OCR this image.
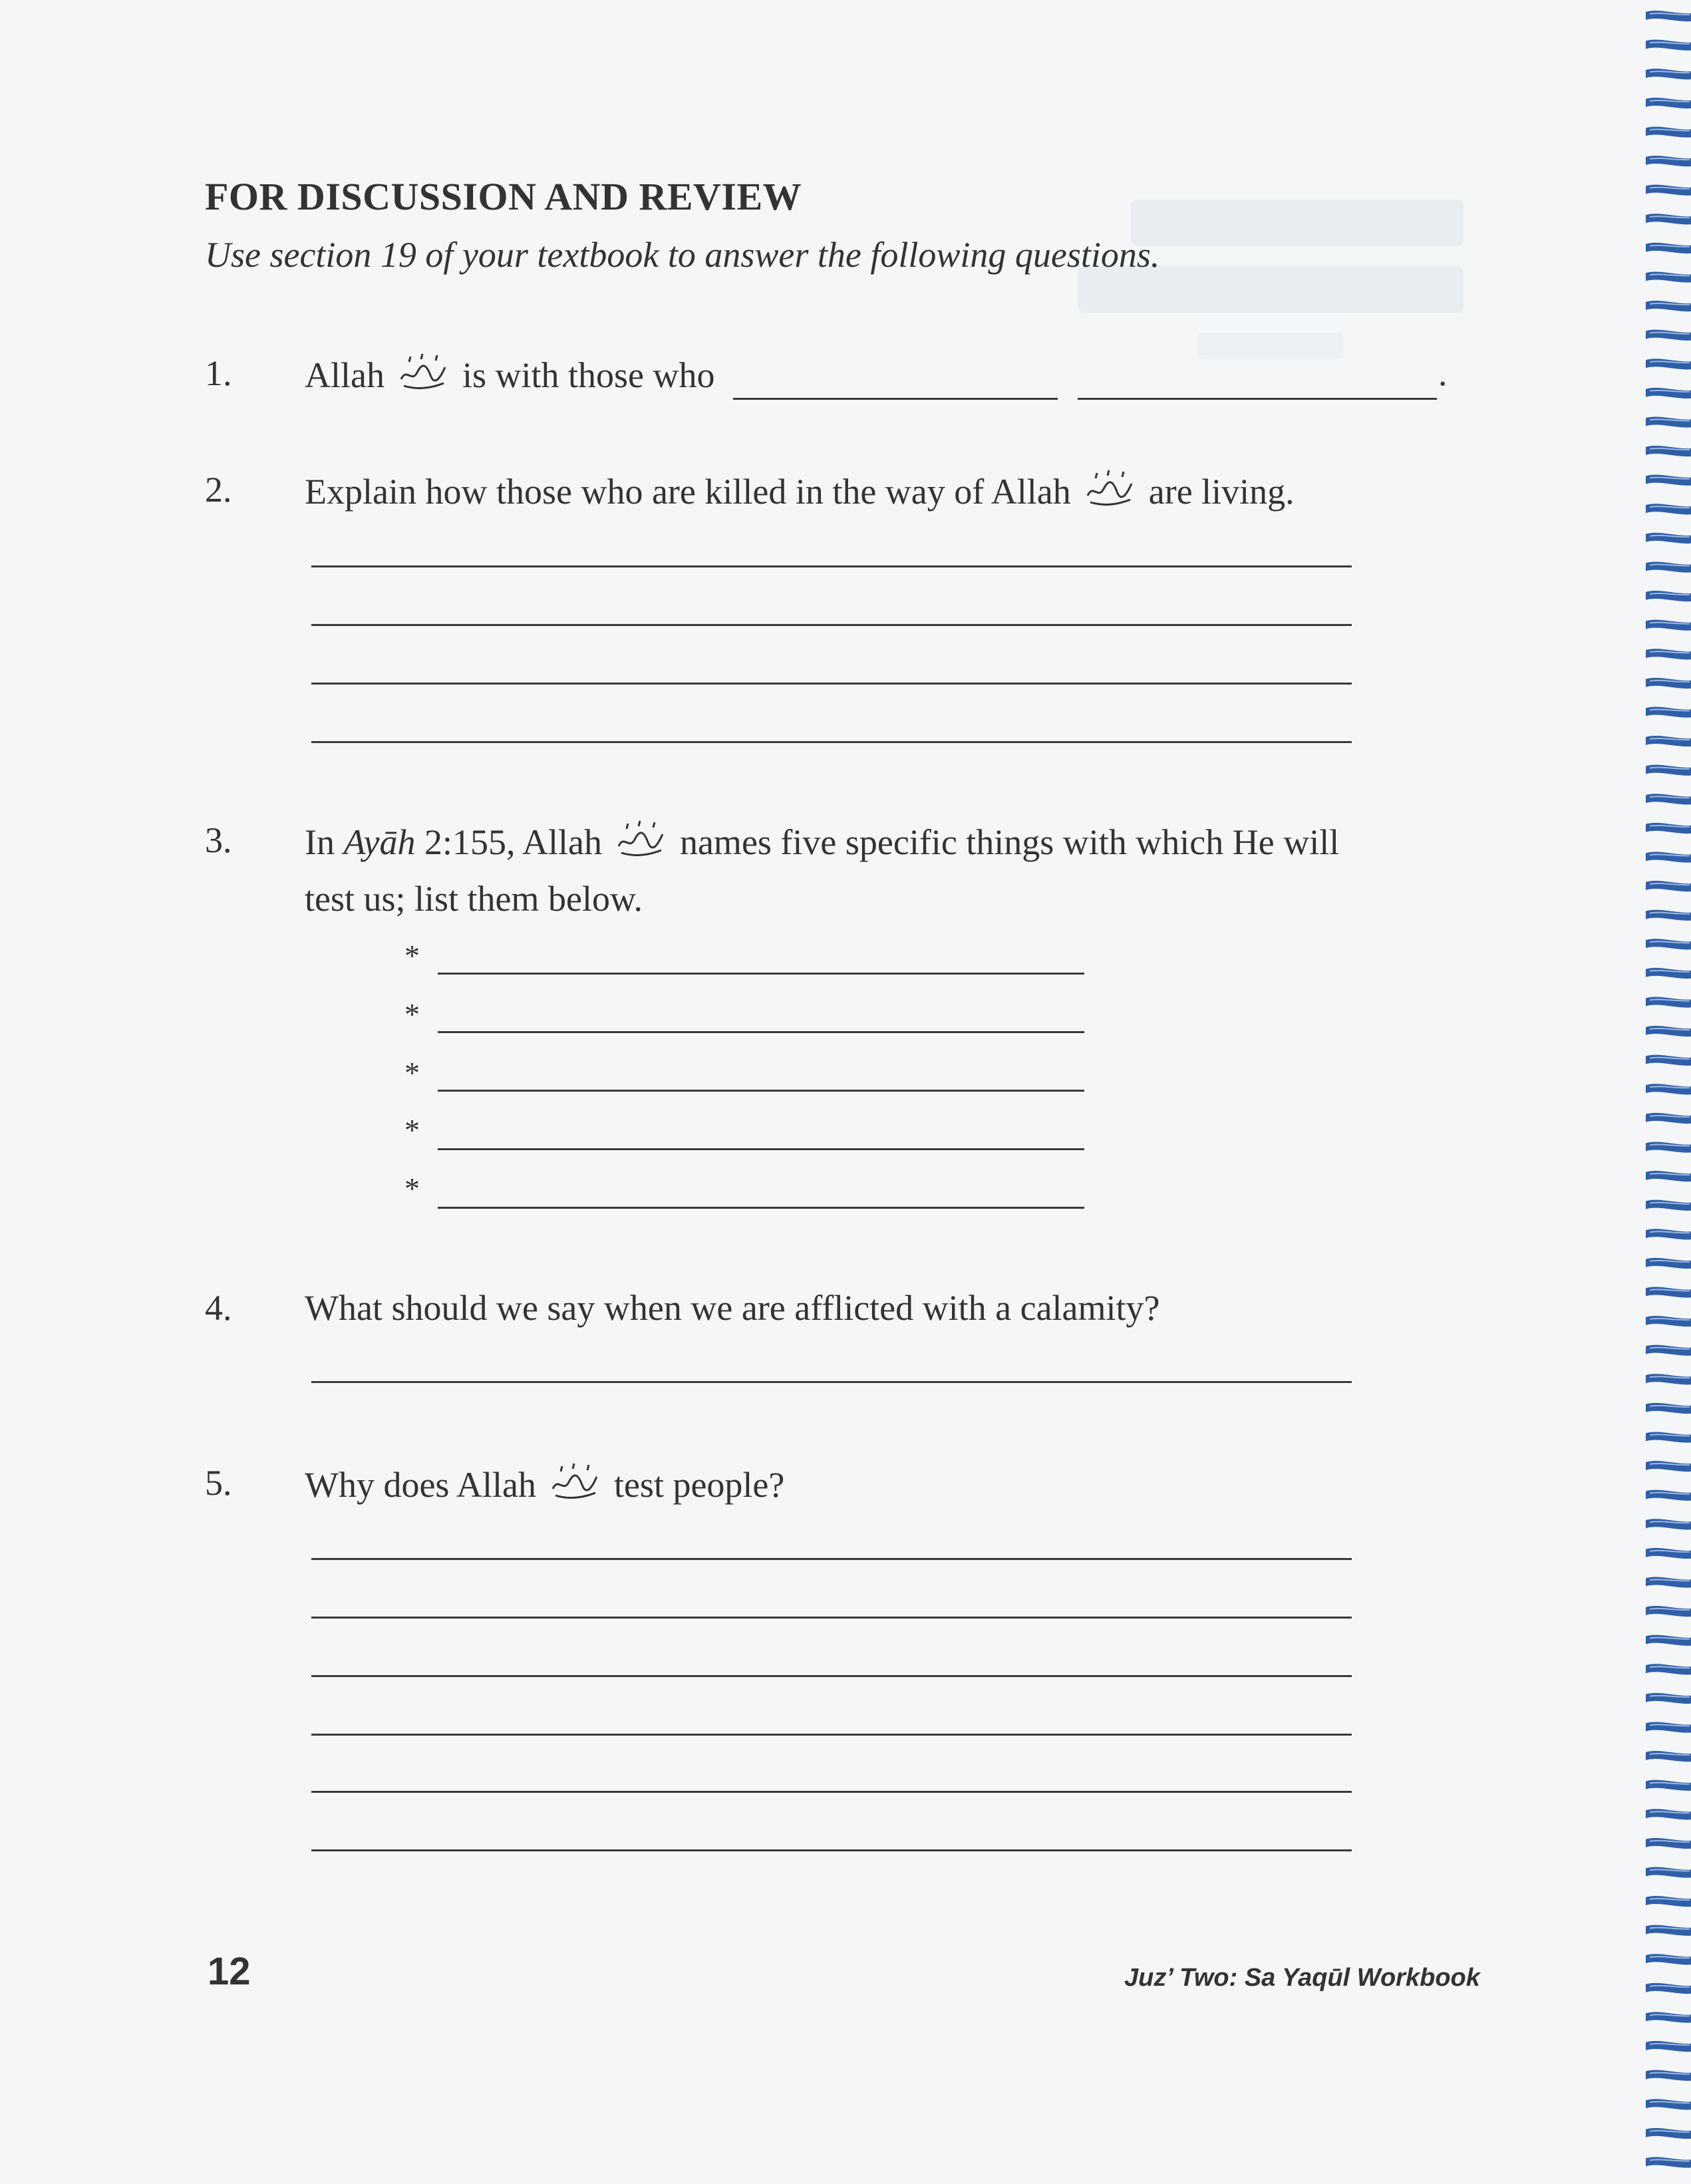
FOR DISCUSSION AND REVIEW
Use section 19 of your textbook to answer the following questions.
1. Allah is with those who	.
2. Explain how those who are killed in the way of Allah are living.
3. In Ayāh 2:155, Allah names five specific things with which He will
test us; list them below.
*
*
*
*
*
4. What should we say when we are afflicted with a calamity?
5. Why does Allah test people?
12	Juz’ Two: Sa Yaqūl Workbook
